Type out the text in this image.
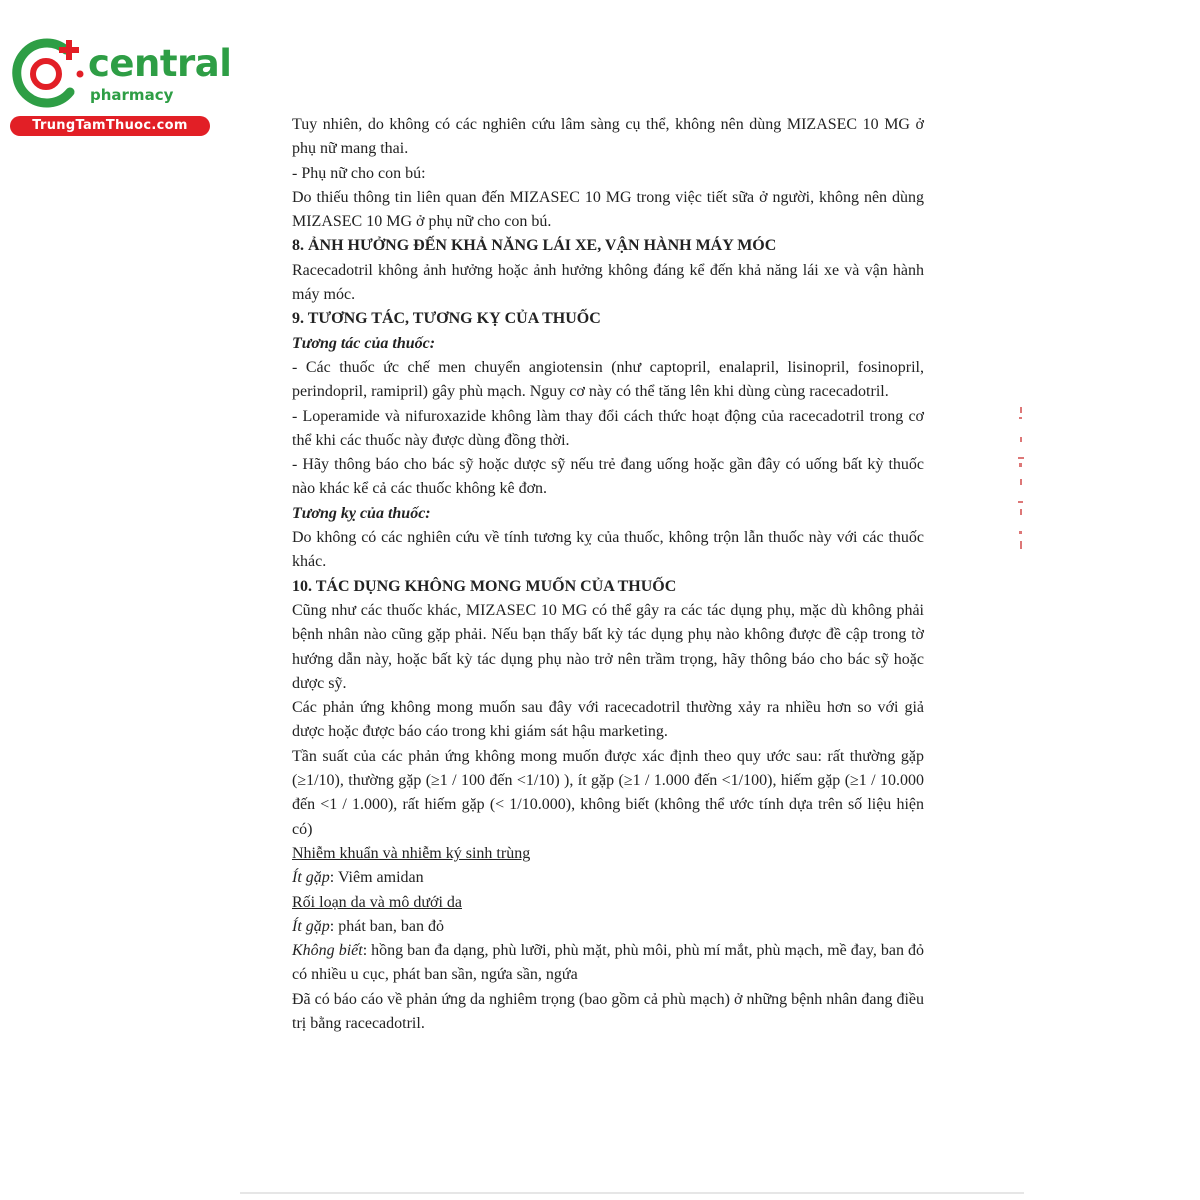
central
pharmacy
TrungTamThuoc.com	Tuy nhiên, do không có các nghiên cứu lâm sàng cụ thể, không nên dùng MIZASEC 10 MG ở phụ nữ mang thai.

- Phụ nữ cho con bú:

Do thiếu thông tin liên quan đến MIZASEC 10 MG trong việc tiết sữa ở người, không nên dùng MIZASEC 10 MG ở phụ nữ cho con bú.

8. ẢNH HƯỞNG ĐẾN KHẢ NĂNG LÁI XE, VẬN HÀNH MÁY MÓC

Racecadotril không ảnh hưởng hoặc ảnh hưởng không đáng kể đến khả năng lái xe và vận hành máy móc.

9. TƯƠNG TÁC, TƯƠNG KỴ CỦA THUỐC

Tương tác của thuốc:

- Các thuốc ức chế men chuyển angiotensin (như captopril, enalapril, lisinopril, fosinopril, perindopril, ramipril) gây phù mạch. Nguy cơ này có thể tăng lên khi dùng cùng racecadotril.

- Loperamide và nifuroxazide không làm thay đổi cách thức hoạt động của racecadotril trong cơ thể khi các thuốc này được dùng đồng thời.

- Hãy thông báo cho bác sỹ hoặc dược sỹ nếu trẻ đang uống hoặc gần đây có uống bất kỳ thuốc nào khác kể cả các thuốc không kê đơn.

Tương kỵ của thuốc:

Do không có các nghiên cứu về tính tương kỵ của thuốc, không trộn lẫn thuốc này với các thuốc khác.

10. TÁC DỤNG KHÔNG MONG MUỐN CỦA THUỐC

Cũng như các thuốc khác, MIZASEC 10 MG có thể gây ra các tác dụng phụ, mặc dù không phải bệnh nhân nào cũng gặp phải. Nếu bạn thấy bất kỳ tác dụng phụ nào không được đề cập trong tờ hướng dẫn này, hoặc bất kỳ tác dụng phụ nào trở nên trầm trọng, hãy thông báo cho bác sỹ hoặc dược sỹ.

Các phản ứng không mong muốn sau đây với racecadotril thường xảy ra nhiều hơn so với giả dược hoặc được báo cáo trong khi giám sát hậu marketing.

Tần suất của các phản ứng không mong muốn được xác định theo quy ước sau: rất thường gặp (≥1/10), thường gặp (≥1 / 100 đến <1/10) ), ít gặp (≥1 / 1.000 đến <1/100), hiếm gặp (≥1 / 10.000 đến <1 / 1.000), rất hiếm gặp (< 1/10.000), không biết (không thể ước tính dựa trên số liệu hiện có)

Nhiễm khuẩn và nhiễm ký sinh trùng

Ít gặp: Viêm amidan

Rối loạn da và mô dưới da

Ít gặp: phát ban, ban đỏ

Không biết: hồng ban đa dạng, phù lưỡi, phù mặt, phù môi, phù mí mắt, phù mạch, mề đay, ban đỏ có nhiều u cục, phát ban sần, ngứa sần, ngứa

Đã có báo cáo về phản ứng da nghiêm trọng (bao gồm cả phù mạch) ở những bệnh nhân đang điều trị bằng racecadotril.
